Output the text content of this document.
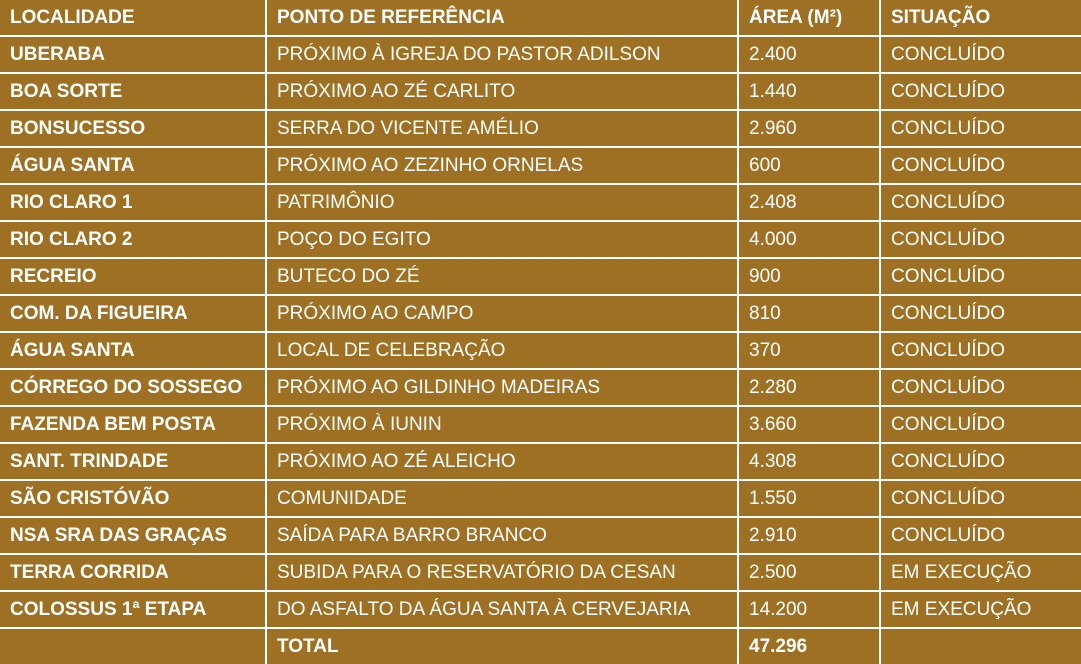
LOCALIDADE	PONTO DE REFERÊNCIA	ÁREA (M²)	SITUAÇÃO
UBERABA	PRÓXIMO À IGREJA DO PASTOR ADILSON	2.400	CONCLUÍDO
BOA SORTE	PRÓXIMO AO ZÉ CARLITO	1.440	CONCLUÍDO
BONSUCESSO	SERRA DO VICENTE AMÉLIO	2.960	CONCLUÍDO
ÁGUA SANTA	PRÓXIMO AO ZEZINHO ORNELAS	600	CONCLUÍDO
RIO CLARO 1	PATRIMÔNIO	2.408	CONCLUÍDO
RIO CLARO 2	POÇO DO EGITO	4.000	CONCLUÍDO
RECREIO	BUTECO DO ZÉ	900	CONCLUÍDO
COM. DA FIGUEIRA	PRÓXIMO AO CAMPO	810	CONCLUÍDO
ÁGUA SANTA	LOCAL DE CELEBRAÇÃO	370	CONCLUÍDO
CÓRREGO DO SOSSEGO	PRÓXIMO AO GILDINHO MADEIRAS	2.280	CONCLUÍDO
FAZENDA BEM POSTA	PRÓXIMO À IUNIN	3.660	CONCLUÍDO
SANT. TRINDADE	PRÓXIMO AO ZÉ ALEICHO	4.308	CONCLUÍDO
SÃO CRISTÓVÃO	COMUNIDADE	1.550	CONCLUÍDO
NSA SRA DAS GRAÇAS	SAÍDA PARA BARRO BRANCO	2.910	CONCLUÍDO
TERRA CORRIDA	SUBIDA PARA O RESERVATÓRIO DA CESAN	2.500	EM EXECUÇÃO
COLOSSUS 1ª ETAPA	DO ASFALTO DA ÁGUA SANTA À CERVEJARIA	14.200	EM EXECUÇÃO
	TOTAL	47.296	
